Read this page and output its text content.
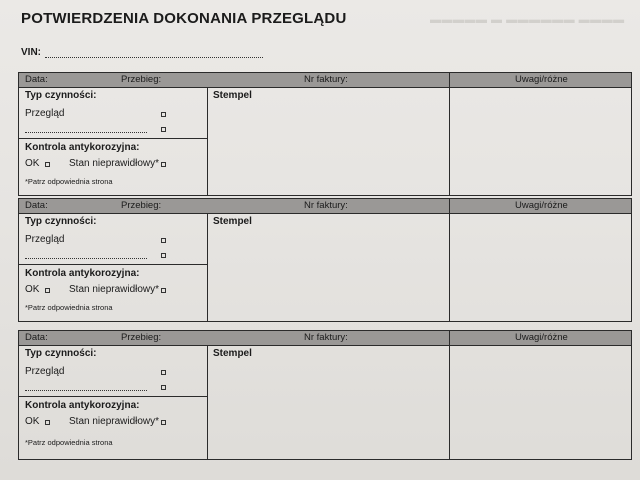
▬▬▬▬▬ ▬ ▬▬▬▬▬▬ ▬▬▬▬
POTWIERDZENIA DOKONANIA PRZEGLĄDU
VIN:
Data:	Przebieg:	Nr faktury:	Uwagi/różne
Typ czynności:
Przegląd
Kontrola antykorozyjna:
OK	Stan nieprawidłowy*
*Patrz odpowiednia strona
Stempel
Data:	Przebieg:	Nr faktury:	Uwagi/różne
Typ czynności:
Przegląd
Kontrola antykorozyjna:
OK	Stan nieprawidłowy*
*Patrz odpowiednia strona
Stempel
Data:	Przebieg:	Nr faktury:	Uwagi/różne
Typ czynności:
Przegląd
Kontrola antykorozyjna:
OK	Stan nieprawidłowy*
*Patrz odpowiednia strona
Stempel
